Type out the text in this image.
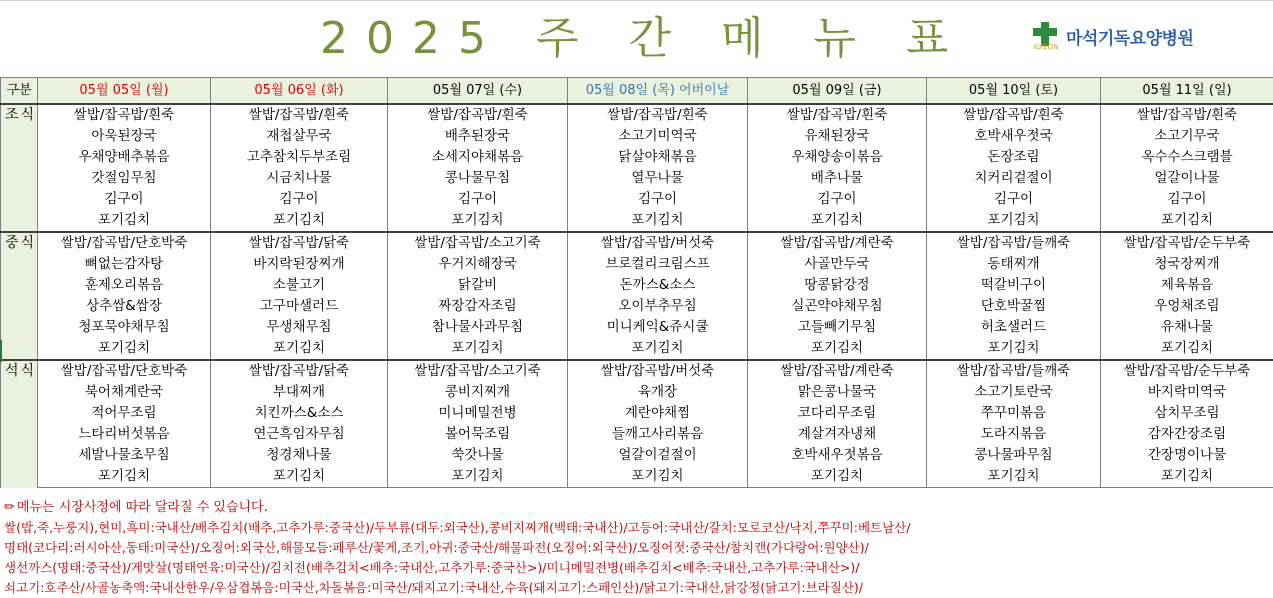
2025 주 간 메 뉴 표	ILYEON 마석기독요양병원
구분	05월 05일 (월)	05월 06일 (화)	05월 07일 (수)	05월 08일 (목) 어버이날	05월 09일 (금)	05월 10일 (토)	05월 11일 (일)
조식	쌀밥/잡곡밥/흰죽	쌀밥/잡곡밥/흰죽	쌀밥/잡곡밥/흰죽	쌀밥/잡곡밥/흰죽	쌀밥/잡곡밥/흰죽	쌀밥/잡곡밥/흰죽	쌀밥/잡곡밥/흰죽
	아욱된장국	재첩살무국	배추된장국	소고기미역국	유채된장국	호박새우젓국	소고기무국
	우채양배추볶음	고추참치두부조림	소세지야채볶음	닭살야채볶음	우채양송이볶음	돈장조림	옥수수스크램블
	갓절임무침	시금치나물	콩나물무침	열무나물	배추나물	치커리겉절이	얼갈이나물
	김구이	김구이	김구이	김구이	김구이	김구이	김구이
	포기김치	포기김치	포기김치	포기김치	포기김치	포기김치	포기김치
중식	쌀밥/잡곡밥/단호박죽	쌀밥/잡곡밥/닭죽	쌀밥/잡곡밥/소고기죽	쌀밥/잡곡밥/버섯죽	쌀밥/잡곡밥/계란죽	쌀밥/잡곡밥/들깨죽	쌀밥/잡곡밥/순두부죽
	뼈없는감자탕	바지락된장찌개	우거지해장국	브로컬리크림스프	사골만두국	동태찌개	청국장찌개
	훈제오리볶음	소불고기	닭갈비	돈까스&소스	땅콩닭강정	떡갈비구이	제육볶음
	상추쌈&쌈장	고구마샐러드	짜장감자조림	오이부추무침	실곤약야채무침	단호박꿀찜	우엉채조림
	청포묵야채무침	무생채무침	참나물사과무침	미니케익&쥬시쿨	고들빼기무침	허초샐러드	유채나물
	포기김치	포기김치	포기김치	포기김치	포기김치	포기김치	포기김치
석식	쌀밥/잡곡밥/단호박죽	쌀밥/잡곡밥/닭죽	쌀밥/잡곡밥/소고기죽	쌀밥/잡곡밥/버섯죽	쌀밥/잡곡밥/계란죽	쌀밥/잡곡밥/들깨죽	쌀밥/잡곡밥/순두부죽
	북어채계란국	부대찌개	콩비지찌개	육개장	맑은콩나물국	소고기토란국	바지락미역국
	적어무조림	치킨까스&소스	미니메밀전병	계란야채찜	코다리무조림	쭈꾸미볶음	삼치무조림
	느타리버섯볶음	연근흑임자무침	볼어묵조림	들깨고사리볶음	계살겨자냉채	도라지볶음	감자간장조림
	세발나물초무침	청경채나물	쑥갓나물	얼갈이겉절이	호박새우젓볶음	콩나물파무침	간장명이나물
	포기김치	포기김치	포기김치	포기김치	포기김치	포기김치	포기김치
✏ 메뉴는 시장사정에 따라 달라질 수 있습니다.
쌀(밥,죽,누룽지),현미,흑미:국내산/배추김치(배추,고추가루:중국산)/두부류(대두:외국산),콩비지찌개(백태:국내산)/고등어:국내산/갈치:모로코산/낙지,쭈꾸미:베트남산/
명태(코다리:러시아산,동태:미국산)/오징어:외국산,해물모듬:페루산/꽃게,조기,아귀:중국산/해물파전(오징어:외국산)/오징어젓:중국산/참치캔(가다랑어:원양산)/
생선까스(명태:중국산)/게맛살(명태연육:미국산)/김치전(배추김치<배추:국내산,고추가루:중국산>)/미니메밀전병(배추김치<배추:국내산,고추가루:국내산>)/
쇠고기:호주산/사골농축액:국내산한우/우삼겹볶음:미국산,차돌볶음:미국산/돼지고기:국내산,수육(돼지고기:스페인산)/닭고기:국내산,닭강정(닭고기:브라질산)/
